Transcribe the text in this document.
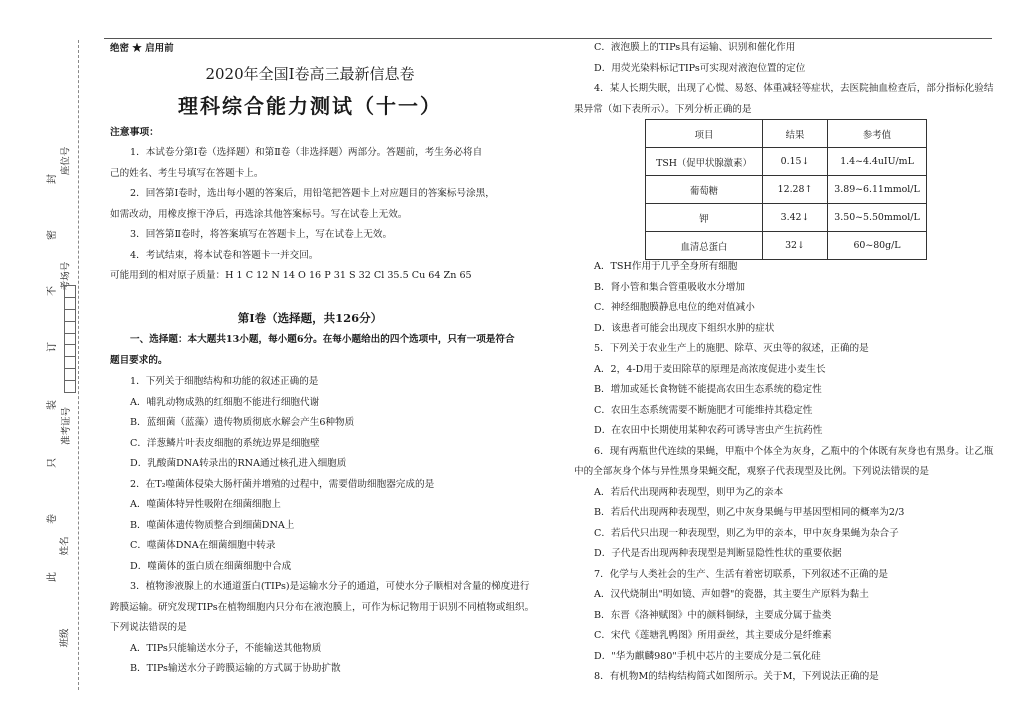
封
密
不
订
装
只
卷
此
座位号
考场号
准考证号
姓名
班级
绝密 ★ 启用前
2020年全国Ⅰ卷高三最新信息卷
理科综合能力测试（十一）
注意事项：

1．本试卷分第Ⅰ卷（选择题）和第Ⅱ卷（非选择题）两部分。答题前，考生务必将自

己的姓名、考生号填写在答题卡上。

2．回答第Ⅰ卷时，选出每小题的答案后，用铅笔把答题卡上对应题目的答案标号涂黑，

如需改动，用橡皮擦干净后，再选涂其他答案标号。写在试卷上无效。

3．回答第Ⅱ卷时，将答案填写在答题卡上，写在试卷上无效。

4．考试结束，将本试卷和答题卡一并交回。

可能用到的相对原子质量：H 1 C 12 N 14 O 16 P 31 S 32 Cl 35.5 Cu 64 Zn 65

第Ⅰ卷（选择题，共126分）

一、选择题：本大题共13小题，每小题6分。在每小题给出的四个选项中，只有一项是符合

题目要求的。

1．下列关于细胞结构和功能的叙述正确的是

A．哺乳动物成熟的红细胞不能进行细胞代谢

B．蓝细菌（蓝藻）遗传物质彻底水解会产生6种物质

C．洋葱鳞片叶表皮细胞的系统边界是细胞壁

D．乳酸菌DNA转录出的RNA通过核孔进入细胞质

2．在T₂噬菌体侵染大肠杆菌并增殖的过程中，需要借助细胞器完成的是

A．噬菌体特异性吸附在细菌细胞上

B．噬菌体遗传物质整合到细菌DNA上

C．噬菌体DNA在细菌细胞中转录

D．噬菌体的蛋白质在细菌细胞中合成

3．植物渗液腺上的水通道蛋白(TIPs)是运输水分子的通道，可使水分子顺相对含量的梯度进行

跨膜运输。研究发现TIPs在植物细胞内只分布在液泡膜上，可作为标记物用于识别不同植物或组织。

下列说法错误的是

A．TIPs只能输送水分子，不能输送其他物质

B．TIPs输送水分子跨膜运输的方式属于协助扩散

C．液泡膜上的TIPs具有运输、识别和催化作用

D．用荧光染料标记TIPs可实现对液泡位置的定位

4．某人长期失眠，出现了心慌、易怒、体重减轻等症状，去医院抽血检查后，部分指标化验结

果异常（如下表所示）。下列分析正确的是

项目	结果	参考值
TSH（促甲状腺激素）	0.15↓	1.4~4.4uIU/mL
葡萄糖	12.28↑	3.89~6.11mmol/L
钾	3.42↓	3.50~5.50mmol/L
血清总蛋白	32↓	60~80g/L

A．TSH作用于几乎全身所有细胞

B．肾小管和集合管重吸收水分增加

C．神经细胞膜静息电位的绝对值减小

D．该患者可能会出现皮下组织水肿的症状

5．下列关于农业生产上的施肥、除草、灭虫等的叙述，正确的是

A．2，4-D用于麦田除草的原理是高浓度促进小麦生长

B．增加或延长食物链不能提高农田生态系统的稳定性

C．农田生态系统需要不断施肥才可能维持其稳定性

D．在农田中长期使用某种农药可诱导害虫产生抗药性

6．现有两瓶世代连续的果蝇，甲瓶中个体全为灰身，乙瓶中的个体既有灰身也有黑身。让乙瓶

中的全部灰身个体与异性黑身果蝇交配，观察子代表现型及比例。下列说法错误的是

A．若后代出现两种表现型，则甲为乙的亲本

B．若后代出现两种表现型，则乙中灰身果蝇与甲基因型相同的概率为2/3

C．若后代只出现一种表现型，则乙为甲的亲本，甲中灰身果蝇为杂合子

D．子代是否出现两种表现型是判断显隐性性状的重要依据

7．化学与人类社会的生产、生活有着密切联系，下列叙述不正确的是

A．汉代烧制出"明如镜、声如磬"的瓷器，其主要生产原料为黏土

B．东晋《洛神赋图》中的颜料铜绿，主要成分属于盐类

C．宋代《莲塘乳鸭图》所用蚕丝，其主要成分是纤维素

D．"华为麒麟980"手机中芯片的主要成分是二氧化硅

8．有机物M的结构结构简式如图所示。关于M，下列说法正确的是
